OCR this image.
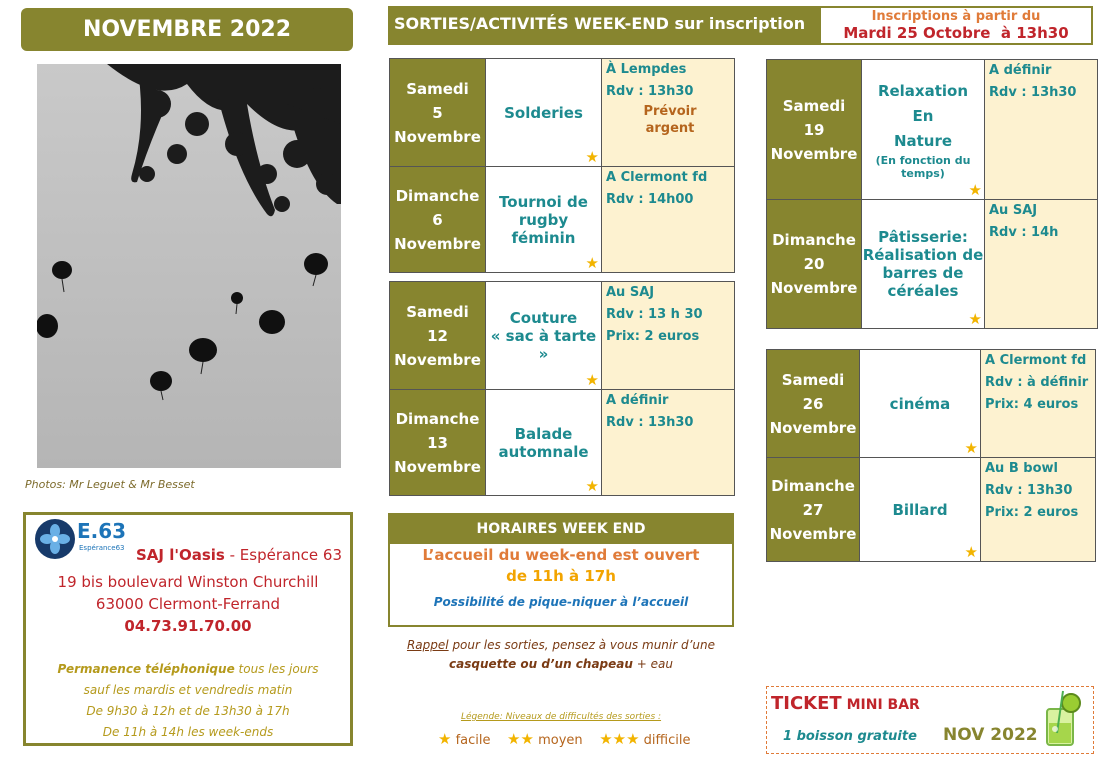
NOVEMBRE 2022
Photos: Mr Leguet & Mr Besset
E.63
Espérance63 SAJ l'Oasis - Espérance 63
19 bis boulevard Winston Churchill
63000 Clermont-Ferrand
04.73.91.70.00
Permanence téléphonique tous les jours
sauf les mardis et vendredis matin
De 9h30 à 12h et de 13h30 à 17h
De 11h à 14h les week-ends
SORTIES/ACTIVITÉS WEEK-END sur inscription	Inscriptions à partir du
Mardi 25 Octobre à 13h30
Samedi
5
Novembre
Solderies
★
À Lempdes
Rdv : 13h30
Prévoir
argent
Dimanche
6
Novembre
Tournoi de
rugby féminin
★
A Clermont fd
Rdv : 14h00
Samedi
12
Novembre
Couture
« sac à tarte »
★
Au SAJ
Rdv : 13 h 30
Prix: 2 euros
Dimanche
13
Novembre
Balade
automnale
★
A définir
Rdv : 13h30
Samedi
19
Novembre
Relaxation
En
Nature
(En fonction du
temps)
★
A définir
Rdv : 13h30
Dimanche
20
Novembre
Pâtisserie:
Réalisation de
barres de
céréales
★
Au SAJ
Rdv : 14h
Samedi
26
Novembre
cinéma
★
A Clermont fd
Rdv : à définir
Prix: 4 euros
Dimanche
27
Novembre
Billard
★
Au B bowl
Rdv : 13h30
Prix: 2 euros
HORAIRES WEEK END
L’accueil du week-end est ouvert
de 11h à 17h
Possibilité de pique-niquer à l’accueil
Rappel pour les sorties, pensez à vous munir d’une
casquette ou d’un chapeau + eau
Légende: Niveaux de difficultés des sorties :
★ facile ★★ moyen ★★★ difficile
TICKET MINI BAR
1 boisson gratuite NOV 2022
